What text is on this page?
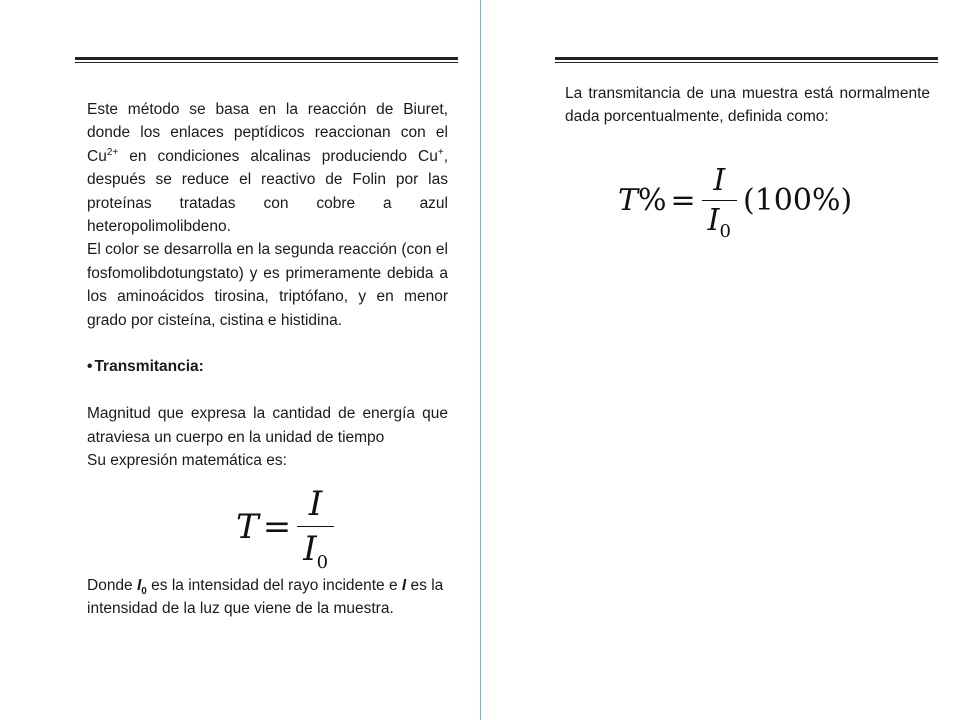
Este método se basa en la reacción de Biuret, donde los enlaces peptídicos reaccionan con el $Cu^{2+}$ en condiciones alcalinas produciendo Cu+, después se reduce el reactivo de Folin por las proteínas tratadas con cobre a azul heteropolimolibdeno.

El color se desarrolla en la segunda reacción (con el fosfomolibdotungstato) y es primeramente debida a los aminoácidos tirosina, triptófano, y en menor grado por cisteína, cistina e histidina.

• Transmitancia:

Magnitud que expresa la cantidad de energía que atraviesa un cuerpo en la unidad de tiempo

Su expresión matemática es:

$T = \frac{I}{I_0}$

Donde $I_0$ es la intensidad del rayo incidente e I es la intensidad de la luz que viene de la muestra.

La transmitancia de una muestra está normalmente dada porcentualmente, definida como:

T % = $\frac{I}{I_0} (100\%)$
